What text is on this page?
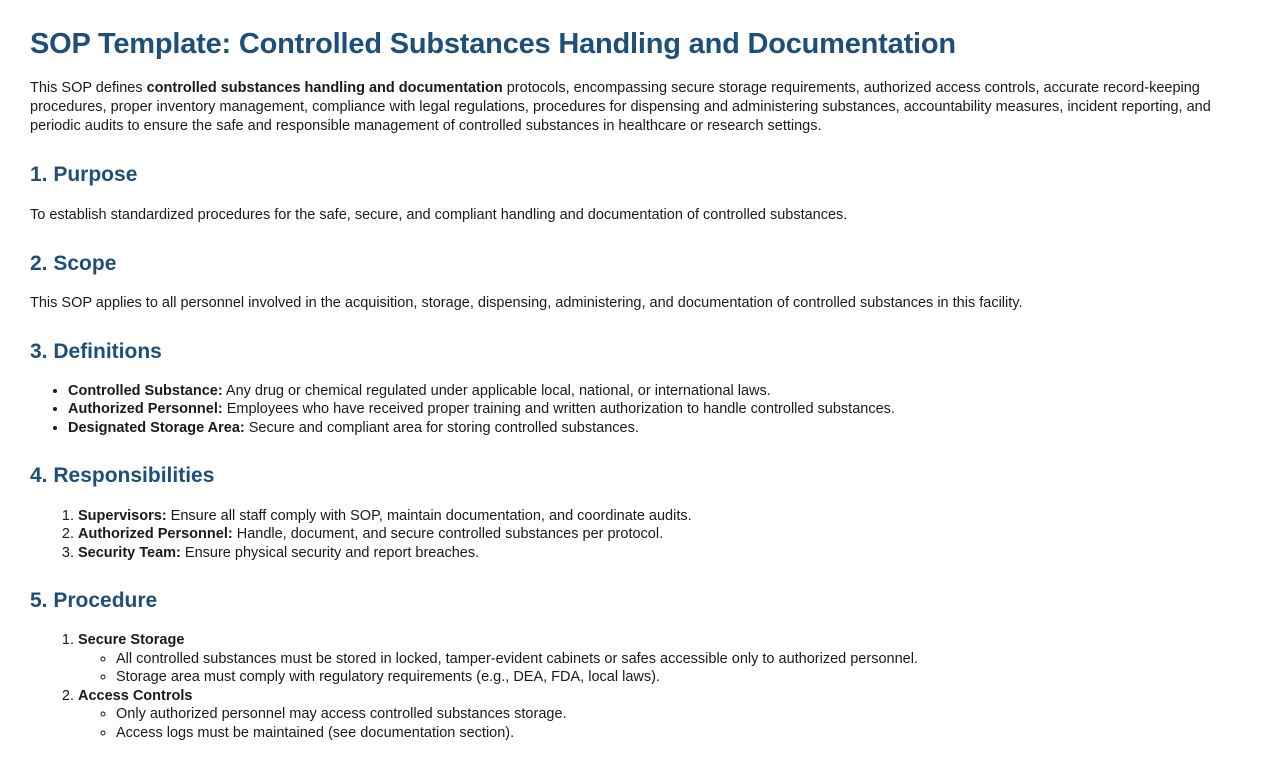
SOP Template: Controlled Substances Handling and Documentation

This SOP defines controlled substances handling and documentation protocols, encompassing secure storage requirements, authorized access controls, accurate record-keeping procedures, proper inventory management, compliance with legal regulations, procedures for dispensing and administering substances, accountability measures, incident reporting, and periodic audits to ensure the safe and responsible management of controlled substances in healthcare or research settings.

1. Purpose

To establish standardized procedures for the safe, secure, and compliant handling and documentation of controlled substances.

2. Scope

This SOP applies to all personnel involved in the acquisition, storage, dispensing, administering, and documentation of controlled substances in this facility.

3. Definitions
• Controlled Substance: Any drug or chemical regulated under applicable local, national, or international laws.
• Authorized Personnel: Employees who have received proper training and written authorization to handle controlled substances.
• Designated Storage Area: Secure and compliant area for storing controlled substances.
4. Responsibilities
1. Supervisors: Ensure all staff comply with SOP, maintain documentation, and coordinate audits.
2. Authorized Personnel: Handle, document, and secure controlled substances per protocol.
3. Security Team: Ensure physical security and report breaches.
5. Procedure
1. Secure Storage
◦ All controlled substances must be stored in locked, tamper-evident cabinets or safes accessible only to authorized personnel.
◦ Storage area must comply with regulatory requirements (e.g., DEA, FDA, local laws).
2. Access Controls
◦ Only authorized personnel may access controlled substances storage.
◦ Access logs must be maintained (see documentation section).
